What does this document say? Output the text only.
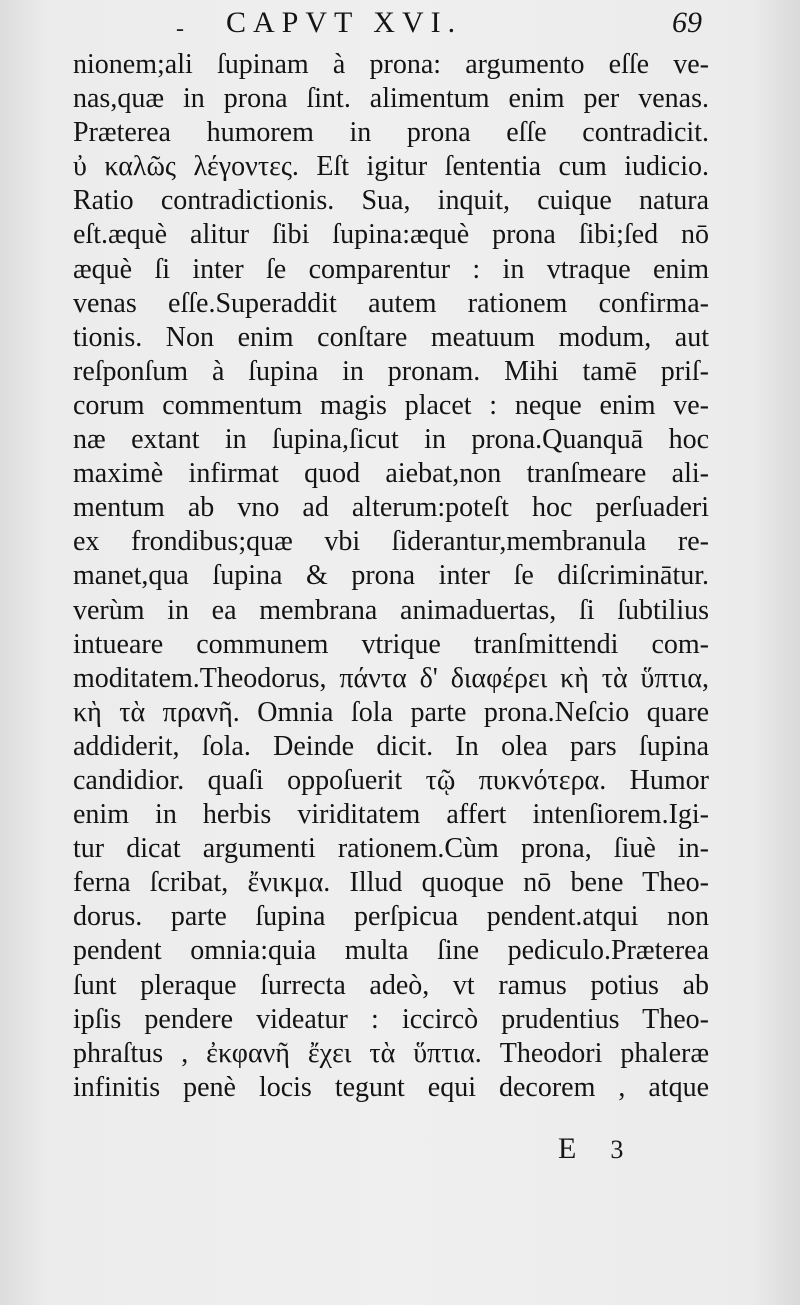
- CAPVT XVI.	69
nionem;ali ſupinam à prona: argumento eſſe ve-
nas,quæ in prona ſint. alimentum enim per venas.
Præterea humorem in prona eſſe contradicit.
ὐ καλῶς λέγοντες. Eſt igitur ſententia cum iudicio.
Ratio contradictionis. Sua, inquit, cuique natura
eſt.æquè alitur ſibi ſupina:æquè prona ſibi;ſed nō
æquè ſi inter ſe comparentur : in vtraque enim
venas eſſe.Superaddit autem rationem confirma-
tionis. Non enim conſtare meatuum modum, aut
reſponſum à ſupina in pronam. Mihi tamē priſ-
corum commentum magis placet : neque enim ve-
næ extant in ſupina,ſicut in prona.Quanquā hoc
maximè infirmat quod aiebat,non tranſmeare ali-
mentum ab vno ad alterum:poteſt hoc perſuaderi
ex frondibus;quæ vbi ſiderantur,membranula re-
manet,qua ſupina & prona inter ſe diſcriminātur.
verùm in ea membrana animaduertas, ſi ſubtilius
intueare communem vtrique tranſmittendi com-
moditatem.Theodorus, πάντα δ' διαφέρει κὴ τὰ ὕπτια,
κὴ τὰ πρανῆ. Omnia ſola parte prona.Neſcio quare
addiderit, ſola. Deinde dicit. In olea pars ſupina
candidior. quaſi oppoſuerit τῷ πυκνότερα. Humor
enim in herbis viriditatem affert intenſiorem.Igi-
tur dicat argumenti rationem.Cùm prona, ſiuè in-
ferna ſcribat, ἔνικμα. Illud quoque nō bene Theo-
dorus. parte ſupina perſpicua pendent.atqui non
pendent omnia:quia multa ſine pediculo.Præterea
ſunt pleraque ſurrecta adeò, vt ramus potius ab
ipſis pendere videatur : iccircò prudentius Theo-
phraſtus , ἐκφανῆ ἔχει τὰ ὕπτια. Theodori phaleræ
infinitis penè locis tegunt equi decorem , atque
E 3
